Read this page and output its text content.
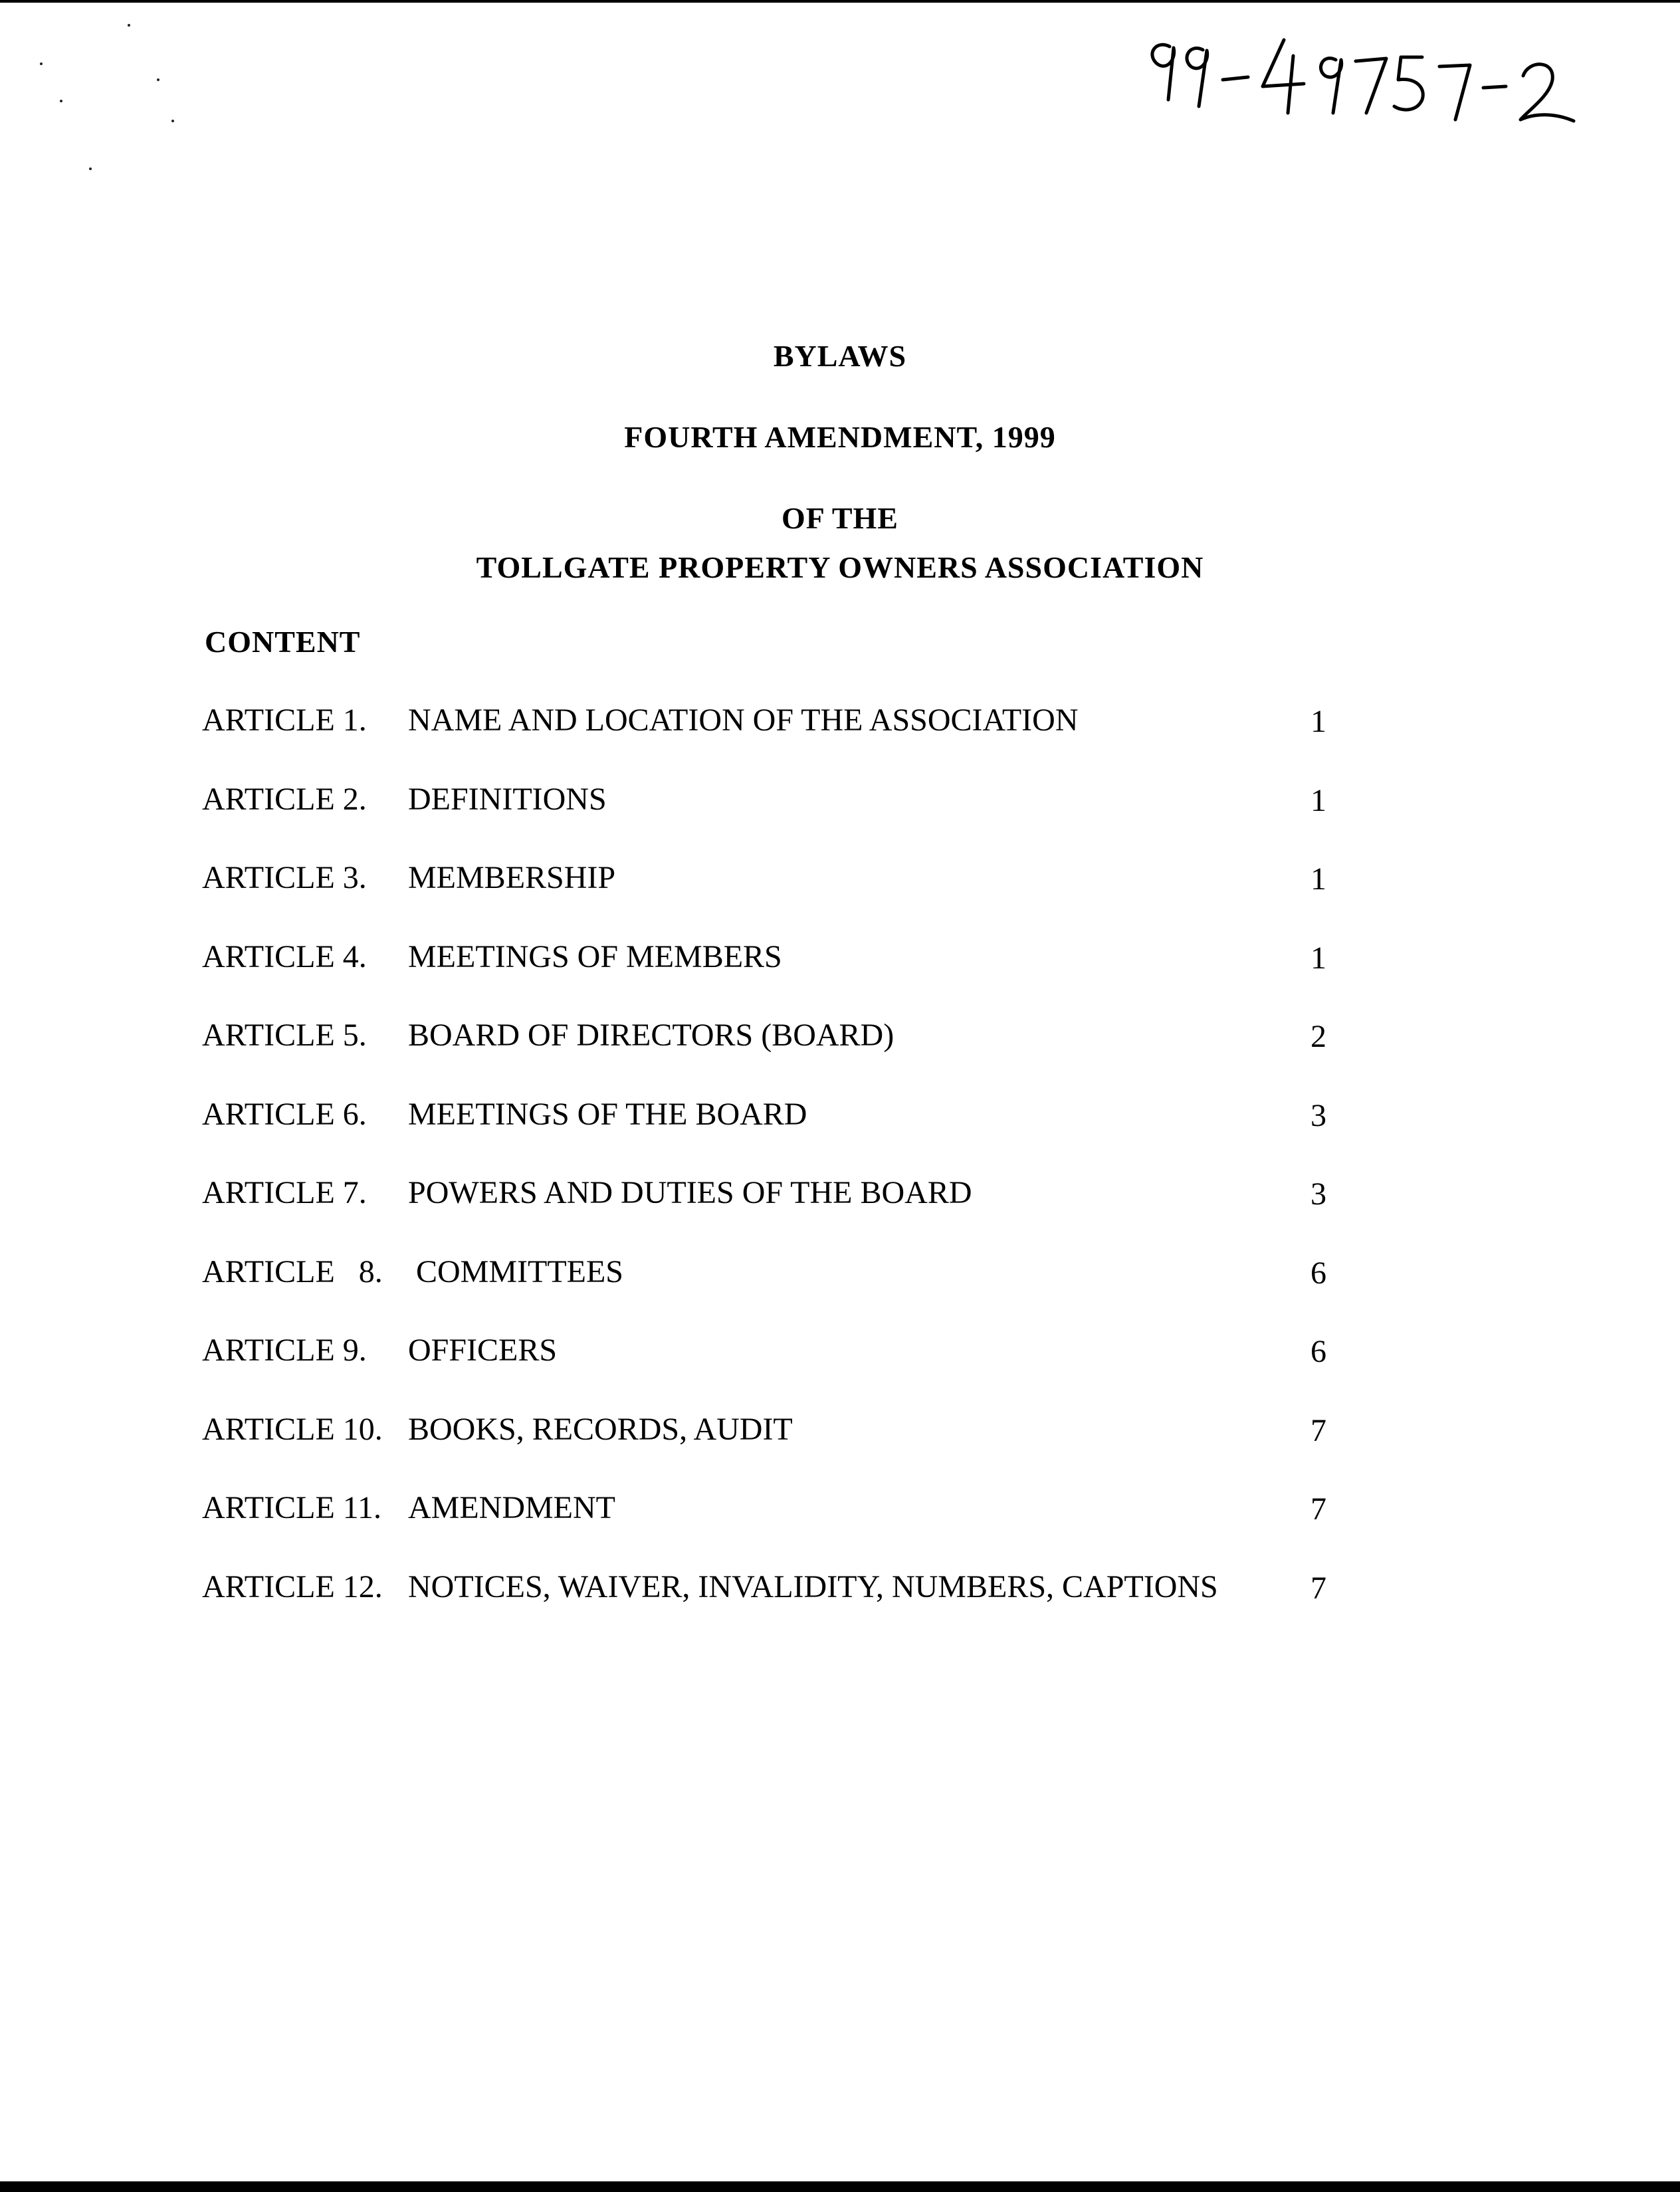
BYLAWS
FOURTH AMENDMENT, 1999
OF THE
TOLLGATE PROPERTY OWNERS ASSOCIATION
CONTENT
ARTICLE 1. NAME AND LOCATION OF THE ASSOCIATION	1
ARTICLE 2. DEFINITIONS	1
ARTICLE 3. MEMBERSHIP	1
ARTICLE 4. MEETINGS OF MEMBERS	1
ARTICLE 5. BOARD OF DIRECTORS (BOARD)	2
ARTICLE 6. MEETINGS OF THE BOARD	3
ARTICLE 7. POWERS AND DUTIES OF THE BOARD	3
ARTICLE   8. COMMITTEES	6
ARTICLE 9. OFFICERS	6
ARTICLE 10. BOOKS, RECORDS, AUDIT	7
ARTICLE 11. AMENDMENT	7
ARTICLE 12. NOTICES, WAIVER, INVALIDITY, NUMBERS, CAPTIONS	7
